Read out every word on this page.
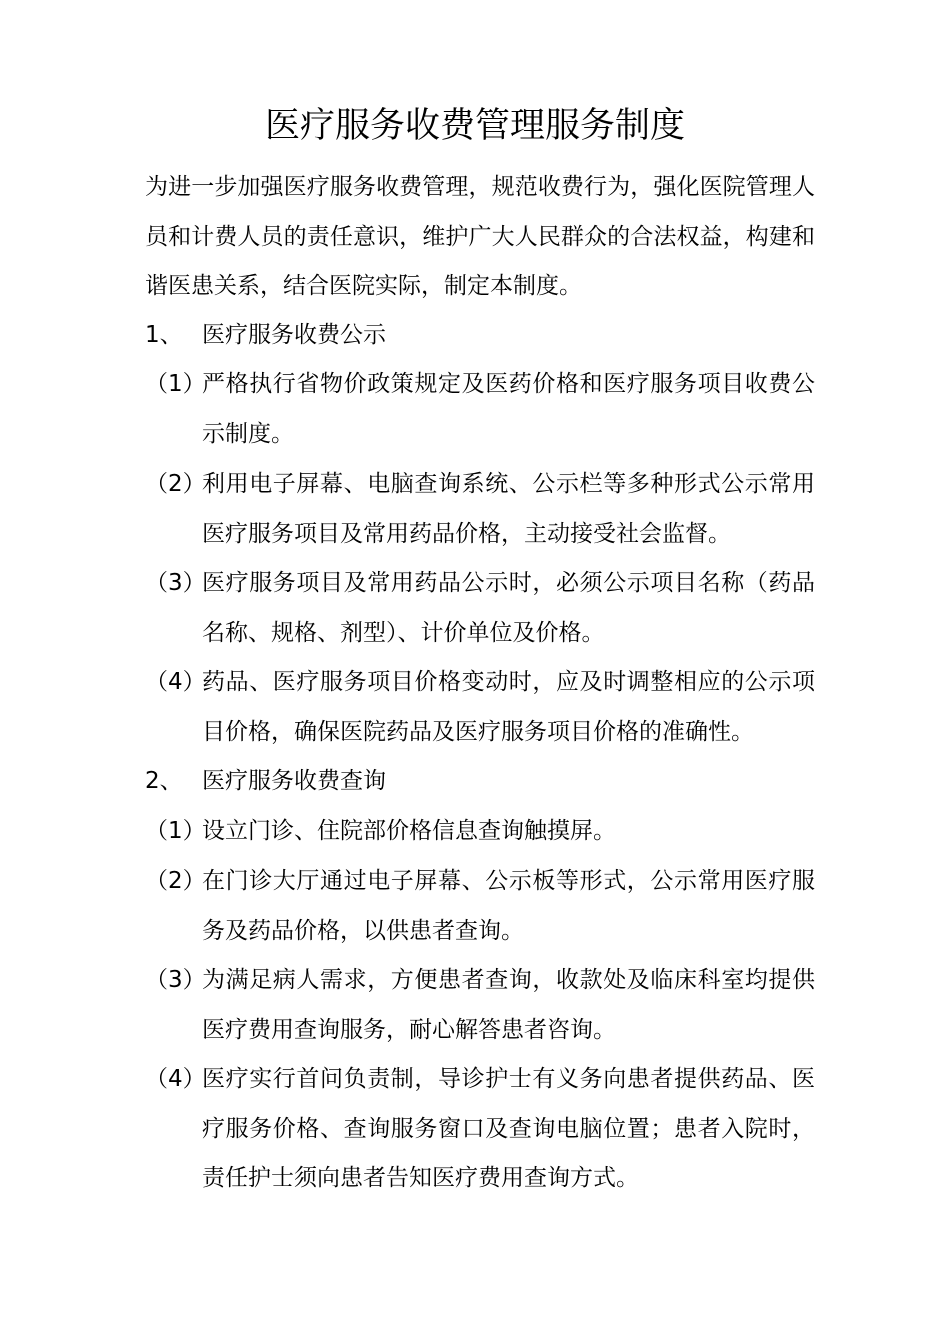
医疗服务收费管理服务制度

为进一步加强医疗服务收费管理，规范收费行为，强化医院管理人员和计费人员的责任意识，维护广大人民群众的合法权益，构建和谐医患关系，结合医院实际，制定本制度。

1、 医疗服务收费公示
（1）
严格执行省物价政策规定及医药价格和医疗服务项目收费公示制度。
（2）
利用电子屏幕、电脑查询系统、公示栏等多种形式公示常用医疗服务项目及常用药品价格，主动接受社会监督。
（3）
医疗服务项目及常用药品公示时，必须公示项目名称（药品名称、规格、剂型）、计价单位及价格。
（4）
药品、医疗服务项目价格变动时，应及时调整相应的公示项目价格，确保医院药品及医疗服务项目价格的准确性。
2、 医疗服务收费查询
（1）
设立门诊、住院部价格信息查询触摸屏。
（2）
在门诊大厅通过电子屏幕、公示板等形式，公示常用医疗服务及药品价格，以供患者查询。
（3）
为满足病人需求，方便患者查询，收款处及临床科室均提供医疗费用查询服务，耐心解答患者咨询。
（4）
医疗实行首问负责制，导诊护士有义务向患者提供药品、医疗服务价格、查询服务窗口及查询电脑位置；患者入院时，责任护士须向患者告知医疗费用查询方式。
